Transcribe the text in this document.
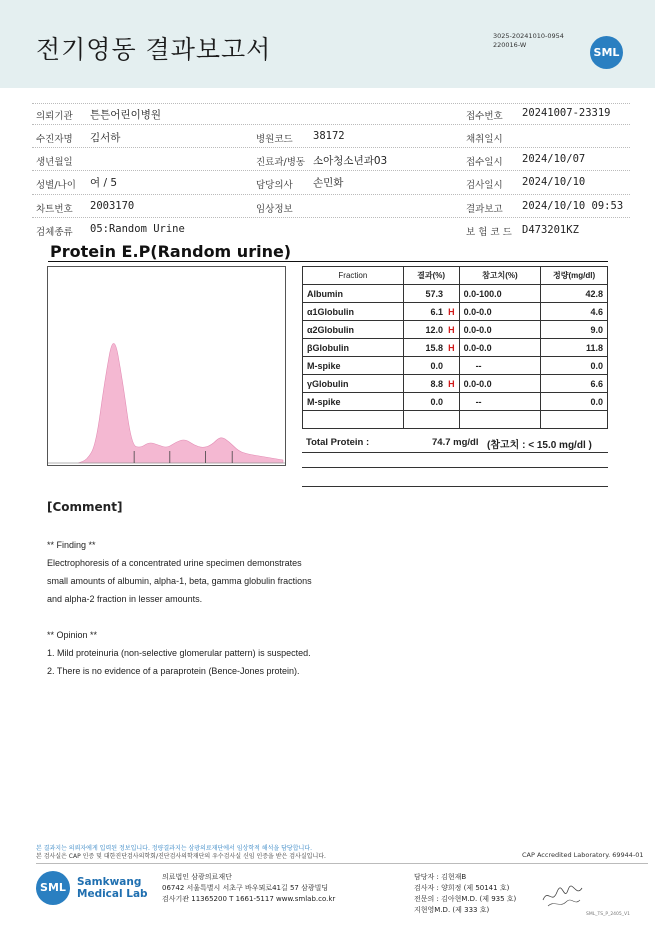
전기영동 결과보고서	3025-20241010-0954
220016-W
SML
의뢰기관 튼튼어린이병원	접수번호 20241007-23319
수진자명 김서하	병원코드 38172	채취일시
생년월일	진료과/병동 소아청소년과03	접수일시 2024/10/07
성별/나이 여 / 5	담당의사 손민화	검사일시 2024/10/10
차트번호 2003170	임상정보	결과보고 2024/10/10 09:53
검체종류 05:Random Urine	보 험 코 드 D473201KZ
Protein E.P(Random urine)
Fraction	결과(%)	참고치(%)	정량(mg/dl)
Albumin	57.3	0.0-100.0	42.8
α1Globulin	6.1 H	0.0-0.0	4.6
α2Globulin	12.0 H	0.0-0.0	9.0
βGlobulin	15.8 H	0.0-0.0	11.8
M-spike	0.0	--	0.0
γGlobulin	8.8 H	0.0-0.0	6.6
M-spike	0.0	--	0.0

Total Protein :	74.7 mg/dl (참고치 : < 15.0 mg/dl )
[Comment]
** Finding **
Electrophoresis of a concentrated urine specimen demonstrates
small amounts of albumin, alpha-1, beta, gamma globulin fractions
and alpha-2 fraction in lesser amounts.
** Opinion **
1. Mild proteinuria (non-selective glomerular pattern) is suspected.
2. There is no evidence of a paraprotein (Bence-Jones protein).
본 결과지는 의뢰자에게 입력된 정보입니다. 정량결과지는 삼광의료재단에서 임상학적 해석을 담당합니다.
본 검사실은 CAP 인증 및 대한진단검사의학회/진단검사의학재단의 우수검사실 신임 인증을 받은 검사실입니다.	CAP Accredited Laboratory. 69944-01
SML	Samkwang
Medical Lab
의료법인 삼광의료재단
06742 서울특별시 서초구 바우뫼로41길 57 삼광빌딩
검사기관 11365200 T 1661-5117 www.smlab.co.kr
담당자 : 김현재B
검사자 : 양희정 (제 50141 호)
전문의 : 김아현M.D. (제 935 호)
지현영M.D. (제 333 호)
SML_TS_P_2405_V1
